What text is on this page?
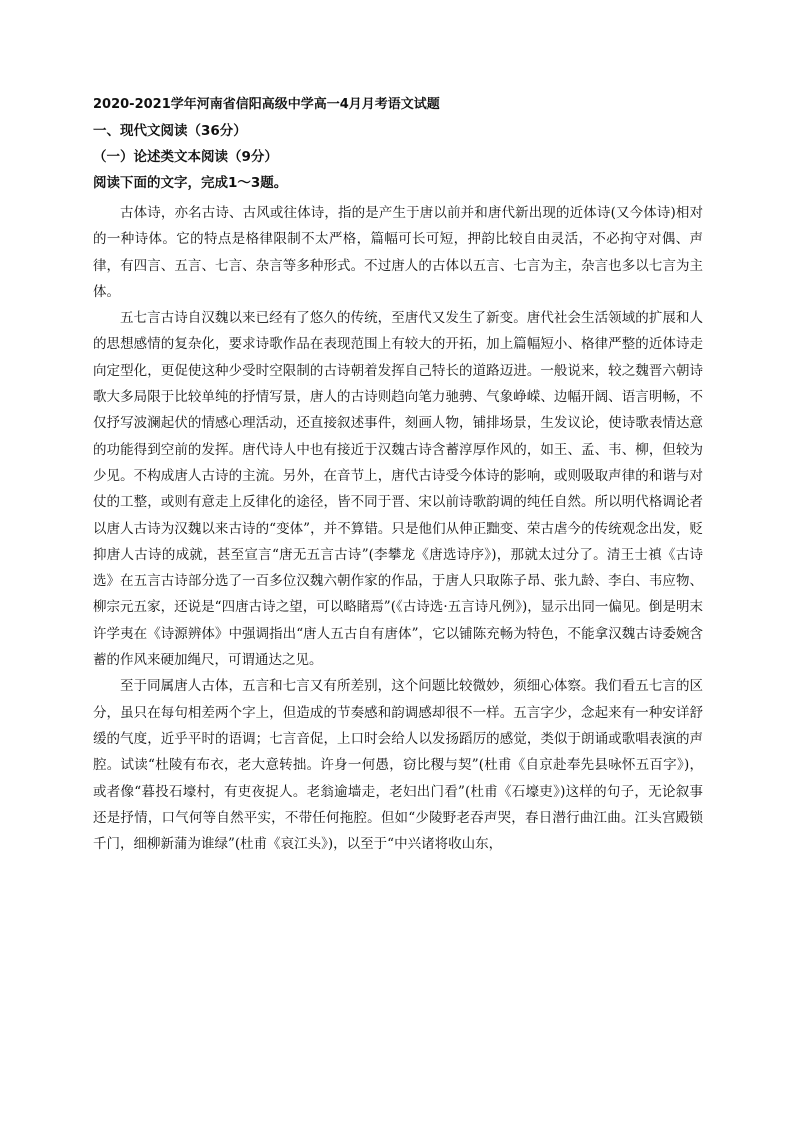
2020-2021学年河南省信阳高级中学高一4月月考语文试题
一、现代文阅读（36分）
（一）论述类文本阅读（9分）
阅读下面的文字，完成1～3题。

古体诗，亦名古诗、古风或往体诗，指的是产生于唐以前并和唐代新出现的近体诗(又今体诗)相对的一种诗体。它的特点是格律限制不太严格，篇幅可长可短，押韵比较自由灵活，不必拘守对偶、声律，有四言、五言、七言、杂言等多种形式。不过唐人的古体以五言、七言为主，杂言也多以七言为主体。

五七言古诗自汉魏以来已经有了悠久的传统，至唐代又发生了新变。唐代社会生活领域的扩展和人的思想感情的复杂化，要求诗歌作品在表现范围上有较大的开拓，加上篇幅短小、格律严整的近体诗走向定型化，更促使这种少受时空限制的古诗朝着发挥自己特长的道路迈进。一般说来，较之魏晋六朝诗歌大多局限于比较单纯的抒情写景，唐人的古诗则趋向笔力驰骋、气象峥嵘、边幅开阔、语言明畅，不仅抒写波澜起伏的情感心理活动，还直接叙述事件，刻画人物，铺排场景，生发议论，使诗歌表情达意的功能得到空前的发挥。唐代诗人中也有接近于汉魏古诗含蓄淳厚作风的，如王、孟、韦、柳，但较为少见。不构成唐人古诗的主流。另外，在音节上，唐代古诗受今体诗的影响，或则吸取声律的和谐与对仗的工整，或则有意走上反律化的途径，皆不同于晋、宋以前诗歌韵调的纯任自然。所以明代格调论者以唐人古诗为汉魏以来古诗的“变体”，并不算错。只是他们从伸正黜变、荣古虐今的传统观念出发，贬抑唐人古诗的成就，甚至宣言“唐无五言古诗”(李攀龙《唐选诗序》)，那就太过分了。清王士禛《古诗选》在五言古诗部分选了一百多位汉魏六朝作家的作品，于唐人只取陈子昂、张九龄、李白、韦应物、柳宗元五家，还说是“四唐古诗之望，可以略睹焉”(《古诗选·五言诗凡例》)，显示出同一偏见。倒是明末许学夷在《诗源辨体》中强调指出“唐人五古自有唐体”，它以铺陈充畅为特色，不能拿汉魏古诗委婉含蓄的作风来硬加绳尺，可谓通达之见。

至于同属唐人古体，五言和七言又有所差别，这个问题比较微妙，须细心体察。我们看五七言的区分，虽只在每句相差两个字上，但造成的节奏感和韵调感却很不一样。五言字少，念起来有一种安详舒缓的气度，近乎平时的语调；七言音促，上口时会给人以发扬蹈厉的感觉，类似于朗诵或歌唱表演的声腔。试读“杜陵有布衣，老大意转拙。许身一何愚，窃比稷与契”(杜甫《自京赴奉先县咏怀五百字》)，或者像“暮投石壕村，有吏夜捉人。老翁逾墙走，老妇出门看”(杜甫《石壕吏》)这样的句子，无论叙事还是抒情，口气何等自然平实，不带任何拖腔。但如“少陵野老吞声哭，春日潜行曲江曲。江头宫殿锁千门，细柳新蒲为谁绿”(杜甫《哀江头》)，以至于“中兴诸将收山东，
